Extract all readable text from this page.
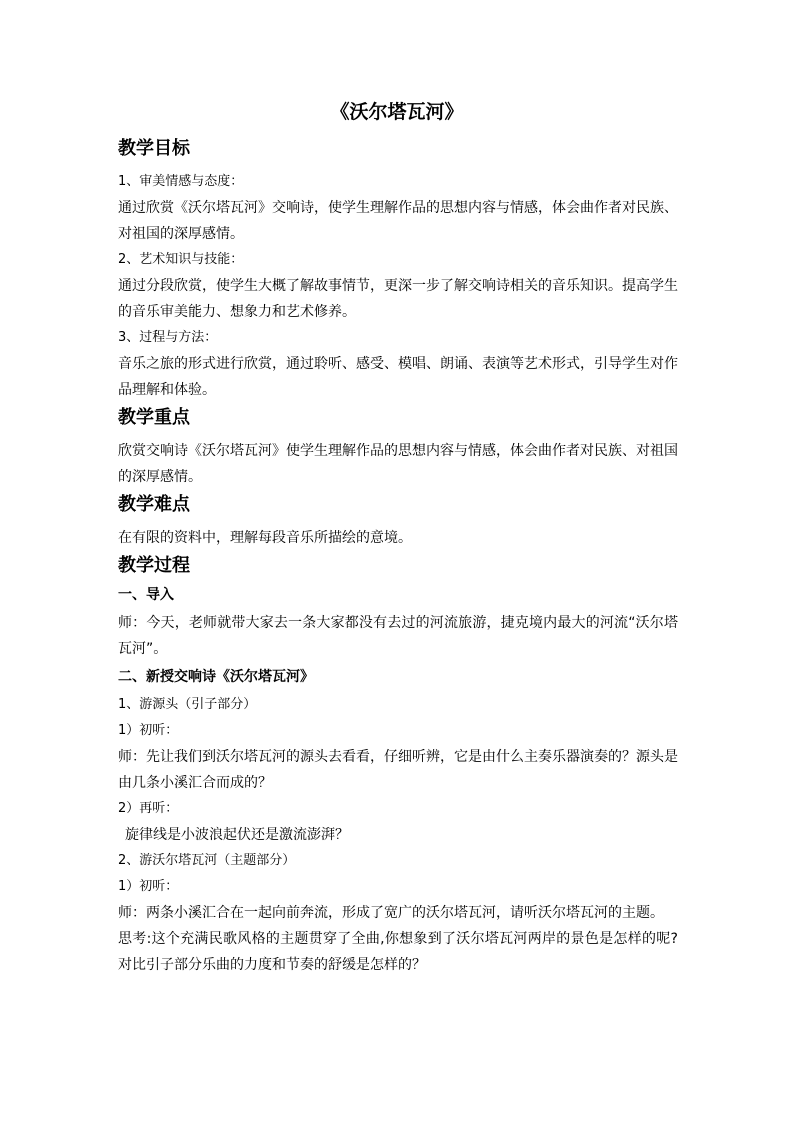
《沃尔塔瓦河》
教学目标

1、审美情感与态度：

通过欣赏《沃尔塔瓦河》交响诗，使学生理解作品的思想内容与情感，体会曲作者对民族、对祖国的深厚感情。

2、艺术知识与技能：

通过分段欣赏，使学生大概了解故事情节，更深一步了解交响诗相关的音乐知识。提高学生的音乐审美能力、想象力和艺术修养。

3、过程与方法：

音乐之旅的形式进行欣赏，通过聆听、感受、模唱、朗诵、表演等艺术形式，引导学生对作品理解和体验。

教学重点

欣赏交响诗《沃尔塔瓦河》使学生理解作品的思想内容与情感，体会曲作者对民族、对祖国的深厚感情。

教学难点

在有限的资料中，理解每段音乐所描绘的意境。

教学过程
一、导入

师：今天，老师就带大家去一条大家都没有去过的河流旅游，捷克境内最大的河流“沃尔塔瓦河”。

二、新授交响诗《沃尔塔瓦河》

1、游源头（引子部分）

1）初听：

师：先让我们到沃尔塔瓦河的源头去看看，仔细听辨，它是由什么主奏乐器演奏的？源头是由几条小溪汇合而成的？

2）再听：

旋律线是小波浪起伏还是激流澎湃？

2、游沃尔塔瓦河（主题部分）

1）初听：

师：两条小溪汇合在一起向前奔流，形成了宽广的沃尔塔瓦河，请听沃尔塔瓦河的主题。

思考:这个充满民歌风格的主题贯穿了全曲,你想象到了沃尔塔瓦河两岸的景色是怎样的呢?对比引子部分乐曲的力度和节奏的舒缓是怎样的？
